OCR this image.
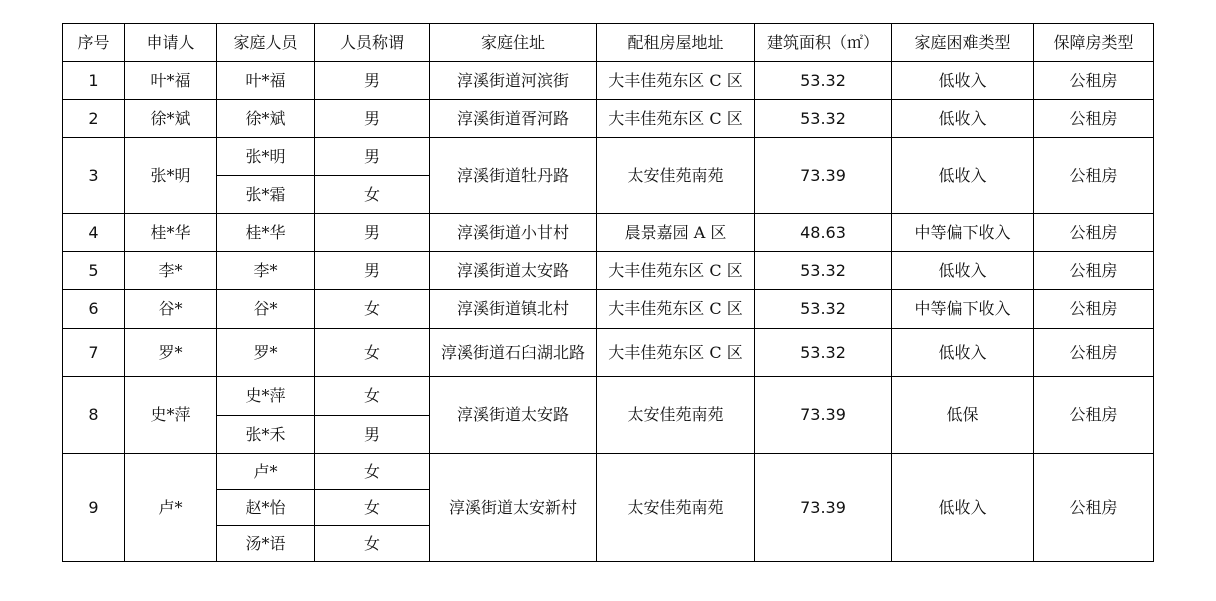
序号	申请人	家庭人员	人员称谓	家庭住址	配租房屋地址	建筑面积（㎡）	家庭困难类型	保障房类型
1	叶*福	叶*福	男	淳溪街道河滨街	大丰佳苑东区 C 区	53.32	低收入	公租房
2	徐*斌	徐*斌	男	淳溪街道胥河路	大丰佳苑东区 C 区	53.32	低收入	公租房
3	张*明	张*明	男	淳溪街道牡丹路	太安佳苑南苑	73.39	低收入	公租房
		张*霜	女					
4	桂*华	桂*华	男	淳溪街道小甘村	晨景嘉园 A 区	48.63	中等偏下收入	公租房
5	李*	李*	男	淳溪街道太安路	大丰佳苑东区 C 区	53.32	低收入	公租房
6	谷*	谷*	女	淳溪街道镇北村	大丰佳苑东区 C 区	53.32	中等偏下收入	公租房
7	罗*	罗*	女	淳溪街道石臼湖北路	大丰佳苑东区 C 区	53.32	低收入	公租房
8	史*萍	史*萍	女	淳溪街道太安路	太安佳苑南苑	73.39	低保	公租房
		张*禾	男					
9	卢*	卢*	女	淳溪街道太安新村	太安佳苑南苑	73.39	低收入	公租房
		赵*怡	女					
		汤*语	女					
